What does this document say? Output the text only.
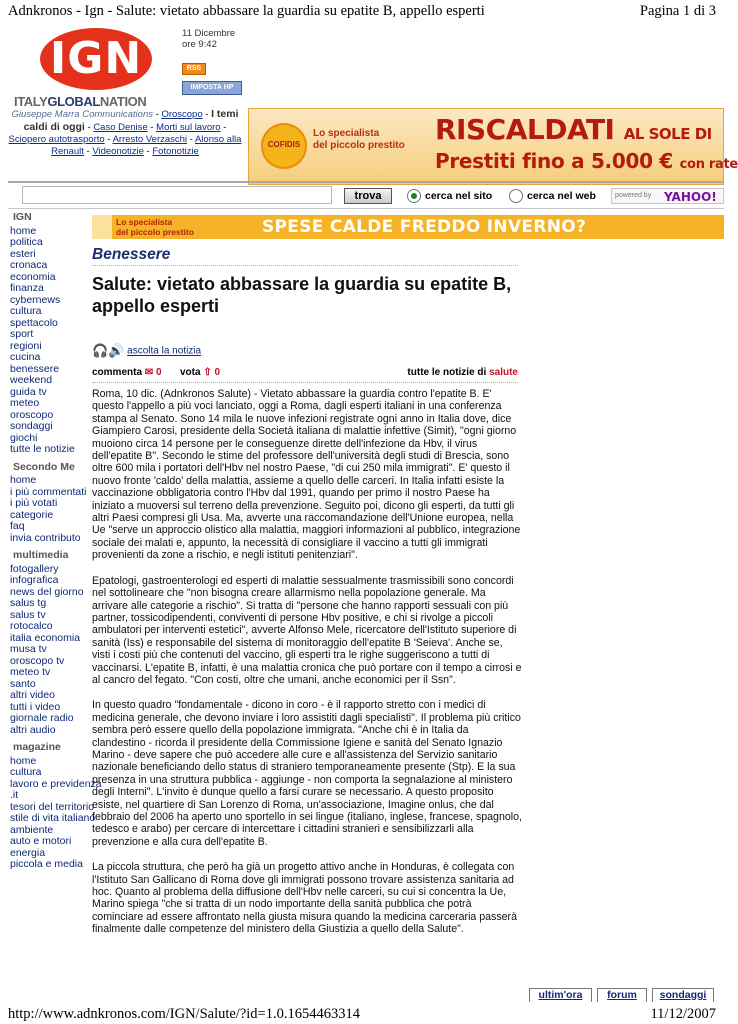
Adnkronos - Ign - Salute: vietato abbassare la guardia su epatite B, appello esperti	Pagina 1 di 3
IGN
ITALYGLOBALNATION
11 Dicembre
ore 9:42
RSS
IMPOSTA HP
Giuseppe Marra Communications - Oroscopo - I temi caldi di oggi - Caso Denise - Morti sul lavoro - Sciopero autotrasporto - Arresto Verzaschi - Alonso alla Renault - Videonotizie - Fotonotizie
COFIDIS
Lo specialista
del piccolo prestito RISCALDATI AL SOLE DI
Prestiti fino a 5.000 € con rate
trova	cerca nel sito	cerca nel web	powered by YAHOO!
IGN
home
politica
esteri
cronaca
economia
finanza
cybernews
cultura
spettacolo
sport
regioni
cucina
benessere
weekend
guida tv
meteo
oroscopo
sondaggi
giochi
tutte le notizie
Secondo Me
home
i più commentati
i più votati
categorie
faq
invia contributo
multimedia
fotogallery
infografica
news del giorno
salus tg
salus tv
rotocalco
italia economia
musa tv
oroscopo tv
meteo tv
santo
altri video
tutti i video
giornale radio
altri audio
magazine
home
cultura
lavoro e previdenza
.it
tesori del territorio
stile di vita italiano
ambiente
auto e motori
energia
piccola e media
Lo specialista
del piccolo prestito	SPESE CALDE FREDDO INVERNO?
Benessere
Salute: vietato abbassare la guardia su epatite B, appello esperti
🎧🔊 ascolta la notizia
commenta ✉ 0 vota ⇧ 0	tutte le notizie di salute

Roma, 10 dic. (Adnkronos Salute) - Vietato abbassare la guardia contro l'epatite B. E' questo l'appello a più voci lanciato, oggi a Roma, dagli esperti italiani in una conferenza stampa al Senato. Sono 14 mila le nuove infezioni registrate ogni anno in Italia dove, dice Giampiero Carosi, presidente della Società italiana di malattie infettive (Simit), "ogni giorno muoiono circa 14 persone per le conseguenze dirette dell'infezione da Hbv, il virus dell'epatite B". Secondo le stime del professore dell'università degli studi di Brescia, sono oltre 600 mila i portatori dell'Hbv nel nostro Paese, "di cui 250 mila immigrati". E' questo il nuovo fronte 'caldo' della malattia, assieme a quello delle carceri. In Italia infatti esiste la vaccinazione obbligatoria contro l'Hbv dal 1991, quando per primo il nostro Paese ha iniziato a muoversi sul terreno della prevenzione. Seguito poi, dicono gli esperti, da tutti gli altri Paesi compresi gli Usa. Ma, avverte una raccomandazione dell'Unione europea, nella Ue "serve un approccio olistico alla malattia, maggiori informazioni al pubblico, integrazione sociale dei malati e, appunto, la necessità di consigliare il vaccino a tutti gli immigrati provenienti da zone a rischio, e negli istituti penitenziari".

Epatologi, gastroenterologi ed esperti di malattie sessualmente trasmissibili sono concordi nel sottolineare che "non bisogna creare allarmismo nella popolazione generale. Ma arrivare alle categorie a rischio". Si tratta di "persone che hanno rapporti sessuali con più partner, tossicodipendenti, conviventi di persone Hbv positive, e chi si rivolge a piccoli ambulatori per interventi estetici", avverte Alfonso Mele, ricercatore dell'Istituto superiore di sanità (Iss) e responsabile del sistema di monitoraggio dell'epatite B 'Seieva'. Anche se, visti i costi più che contenuti del vaccino, gli esperti tra le righe suggeriscono a tutti di vaccinarsi. L'epatite B, infatti, è una malattia cronica che può portare con il tempo a cirrosi e al cancro del fegato. "Con costi, oltre che umani, anche economici per il Ssn".

In questo quadro "fondamentale - dicono in coro - è il rapporto stretto con i medici di medicina generale, che devono inviare i loro assistiti dagli specialisti". Il problema più critico sembra però essere quello della popolazione immigrata. "Anche chi è in Italia da clandestino - ricorda il presidente della Commissione Igiene e sanità del Senato Ignazio Marino - deve sapere che può accedere alle cure e all'assistenza del Servizio sanitario nazionale beneficiando dello status di straniero temporaneamente presente (Stp). E la sua presenza in una struttura pubblica - aggiunge - non comporta la segnalazione al ministero degli Interni". L'invito è dunque quello a farsi curare se necessario. A questo proposito esiste, nel quartiere di San Lorenzo di Roma, un'associazione, Imagine onlus, che dal febbraio del 2006 ha aperto uno sportello in sei lingue (italiano, inglese, francese, spagnolo, tedesco e arabo) per cercare di intercettare i cittadini stranieri e sensibilizzarli alla prevenzione e alla cura dell'epatite B.

La piccola struttura, che però ha già un progetto attivo anche in Honduras, è collegata con l'Istituto San Gallicano di Roma dove gli immigrati possono trovare assistenza sanitaria ad hoc. Quanto al problema della diffusione dell'Hbv nelle carceri, su cui si concentra la Ue, Marino spiega "che si tratta di un nodo importante della sanità pubblica che potrà cominciare ad essere affrontato nella giusta misura quando la medicina carceraria passerà finalmente dalle competenze del ministero della Giustizia a quello della Salute".

ultim'ora	forum	sondaggi
http://www.adnkronos.com/IGN/Salute/?id=1.0.1654463314	11/12/2007
